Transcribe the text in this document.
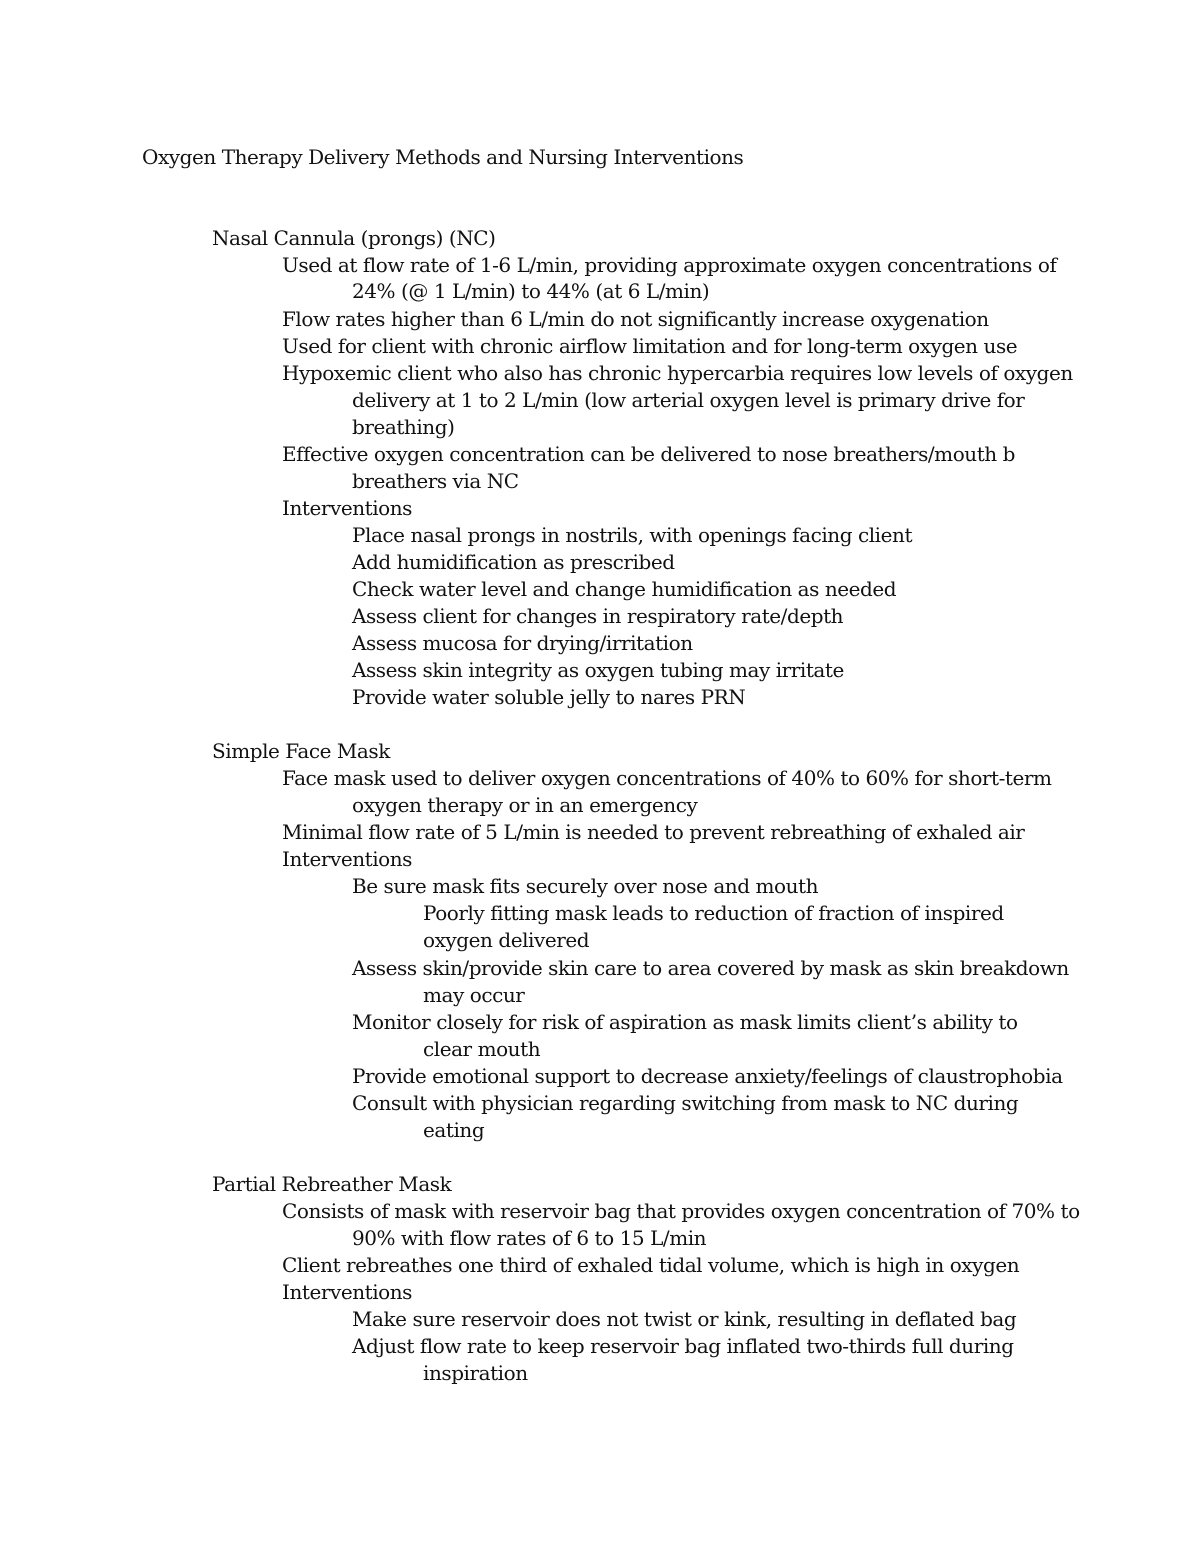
Oxygen Therapy Delivery Methods and Nursing Interventions
Nasal Cannula (prongs) (NC)
Used at flow rate of 1-6 L/min, providing approximate oxygen concentrations of
24% (@ 1 L/min) to 44% (at 6 L/min)
Flow rates higher than 6 L/min do not significantly increase oxygenation
Used for client with chronic airflow limitation and for long-term oxygen use
Hypoxemic client who also has chronic hypercarbia requires low levels of oxygen
delivery at 1 to 2 L/min (low arterial oxygen level is primary drive for
breathing)
Effective oxygen concentration can be delivered to nose breathers/mouth b
breathers via NC
Interventions
Place nasal prongs in nostrils, with openings facing client
Add humidification as prescribed
Check water level and change humidification as needed
Assess client for changes in respiratory rate/depth
Assess mucosa for drying/irritation
Assess skin integrity as oxygen tubing may irritate
Provide water soluble jelly to nares PRN
Simple Face Mask
Face mask used to deliver oxygen concentrations of 40% to 60% for short-term
oxygen therapy or in an emergency
Minimal flow rate of 5 L/min is needed to prevent rebreathing of exhaled air
Interventions
Be sure mask fits securely over nose and mouth
Poorly fitting mask leads to reduction of fraction of inspired
oxygen delivered
Assess skin/provide skin care to area covered by mask as skin breakdown
may occur
Monitor closely for risk of aspiration as mask limits client’s ability to
clear mouth
Provide emotional support to decrease anxiety/feelings of claustrophobia
Consult with physician regarding switching from mask to NC during
eating
Partial Rebreather Mask
Consists of mask with reservoir bag that provides oxygen concentration of 70% to
90% with flow rates of 6 to 15 L/min
Client rebreathes one third of exhaled tidal volume, which is high in oxygen
Interventions
Make sure reservoir does not twist or kink, resulting in deflated bag
Adjust flow rate to keep reservoir bag inflated two-thirds full during
inspiration
